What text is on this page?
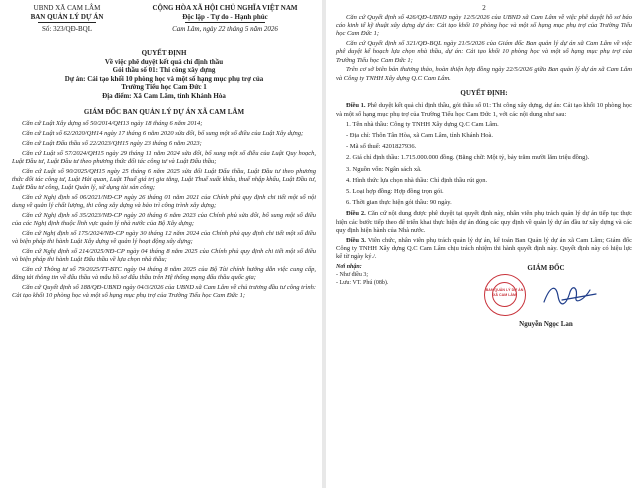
UBND XÃ CAM LÂM

BAN QUẢN LÝ DỰ ÁN

Số: 323/QĐ-BQL

CỘNG HÒA XÃ HỘI CHỦ NGHĨA VIỆT NAM

Độc lập - Tự do - Hạnh phúc

Cam Lâm, ngày 22 tháng 5 năm 2026

QUYẾT ĐỊNH

Về việc phê duyệt kết quả chỉ định thầu

Gói thầu số 01: Thi công xây dựng

Dự án: Cải tạo khối 10 phòng học và một số hạng mục phụ trợ của

Trường Tiểu học Cam Đức 1

Địa điểm: Xã Cam Lâm, tỉnh Khánh Hòa

GIÁM ĐỐC BAN QUẢN LÝ DỰ ÁN XÃ CAM LÂM

Căn cứ Luật Xây dựng số 50/2014/QH13 ngày 18 tháng 6 năm 2014;

Căn cứ Luật số 62/2020/QH14 ngày 17 tháng 6 năm 2020 sửa đổi, bổ sung một số điều của Luật Xây dựng;

Căn cứ Luật Đấu thầu số 22/2023/QH15 ngày 23 tháng 6 năm 2023;

Căn cứ Luật số 57/2024/QH15 ngày 29 tháng 11 năm 2024 sửa đổi, bổ sung một số điều của Luật Quy hoạch, Luật Đầu tư, Luật Đầu tư theo phương thức đối tác công tư và Luật Đấu thầu;

Căn cứ Luật số 90/2025/QH15 ngày 25 tháng 6 năm 2025 sửa đổi Luật Đấu thầu, Luật Đầu tư theo phương thức đối tác công tư, Luật Hải quan, Luật Thuế giá trị gia tăng, Luật Thuế xuất khẩu, thuế nhập khẩu, Luật Đầu tư, Luật Đầu tư công, Luật Quản lý, sử dụng tài sản công;

Căn cứ Nghị định số 06/2021/NĐ-CP ngày 26 tháng 01 năm 2021 của Chính phủ quy định chi tiết một số nội dung về quản lý chất lượng, thi công xây dựng và bảo trì công trình xây dựng;

Căn cứ Nghị định số 35/2023/NĐ-CP ngày 20 tháng 6 năm 2023 của Chính phủ sửa đổi, bổ sung một số điều của các Nghị định thuộc lĩnh vực quản lý nhà nước của Bộ Xây dựng;

Căn cứ Nghị định số 175/2024/NĐ-CP ngày 30 tháng 12 năm 2024 của Chính phủ quy định chi tiết một số điều và biện pháp thi hành Luật Xây dựng về quản lý hoạt động xây dựng;

Căn cứ Nghị định số 214/2025/NĐ-CP ngày 04 tháng 8 năm 2025 của Chính phủ quy định chi tiết một số điều và biện pháp thi hành Luật Đấu thầu về lựa chọn nhà thầu;

Căn cứ Thông tư số 79/2025/TT-BTC ngày 04 tháng 8 năm 2025 của Bộ Tài chính hướng dẫn việc cung cấp, đăng tải thông tin về đấu thầu và mẫu hồ sơ đấu thầu trên Hệ thống mạng đấu thầu quốc gia;

Căn cứ Quyết định số 188/QĐ-UBND ngày 04/3/2026 của UBND xã Cam Lâm về chủ trương đầu tư công trình: Cải tạo khối 10 phòng học và một số hạng mục phụ trợ của Trường Tiểu học Cam Đức 1;

2

Căn cứ Quyết định số 426/QĐ-UBND ngày 12/5/2026 của UBND xã Cam Lâm về việc phê duyệt hồ sơ báo cáo kinh tế kỹ thuật xây dựng dự án: Cải tạo khối 10 phòng học và một số hạng mục phụ trợ của Trường Tiểu học Cam Đức 1;

Căn cứ Quyết định số 321/QĐ-BQL ngày 21/5/2026 của Giám đốc Ban quản lý dự án xã Cam Lâm về việc phê duyệt kế hoạch lựa chọn nhà thầu, dự án: Cải tạo khối 10 phòng học và một số hạng mục phụ trợ của Trường Tiểu học Cam Đức 1;

Trên cơ sở biên bản thương thảo, hoàn thiện hợp đồng ngày 22/5/2026 giữa Ban quản lý dự án xã Cam Lâm và Công ty TNHH Xây dựng Q.C Cam Lâm.

QUYẾT ĐỊNH:

Điều 1. Phê duyệt kết quả chỉ định thầu, gói thầu số 01: Thi công xây dựng, dự án: Cải tạo khối 10 phòng học và một số hạng mục phụ trợ của Trường Tiểu học Cam Đức 1, với các nội dung như sau:

1. Tên nhà thầu: Công ty TNHH Xây dựng Q.C Cam Lâm.

- Địa chỉ: Thôn Tân Hòa, xã Cam Lâm, tỉnh Khánh Hoà.

- Mã số thuế: 4201827936.

2. Giá chỉ định thầu: 1.715.000.000 đồng. (Bằng chữ: Một tỷ, bảy trăm mười lăm triệu đồng).

3. Nguồn vốn: Ngân sách xã.

4. Hình thức lựa chọn nhà thầu: Chỉ định thầu rút gọn.

5. Loại hợp đồng: Hợp đồng trọn gói.

6. Thời gian thực hiện gói thầu: 90 ngày.

Điều 2. Căn cứ nội dung được phê duyệt tại quyết định này, nhân viên phụ trách quản lý dự án tiếp tục thực hiện các bước tiếp theo để triển khai thực hiện dự án đúng các quy định về quản lý dự án đầu tư xây dựng và các quy định hiện hành của Nhà nước.

Điều 3. Viên chức, nhân viên phụ trách quản lý dự án, kế toán Ban Quản lý dự án xã Cam Lâm; Giám đốc Công ty TNHH Xây dựng Q.C Cam Lâm chịu trách nhiệm thi hành quyết định này. Quyết định này có hiệu lực kể từ ngày ký./.

Nơi nhận:

- Như điều 3;

- Lưu: VT. Phú (08b).

GIÁM ĐỐC

BAN QUẢN LÝ DỰ ÁN XÃ CAM LÂM

Nguyễn Ngọc Lan
